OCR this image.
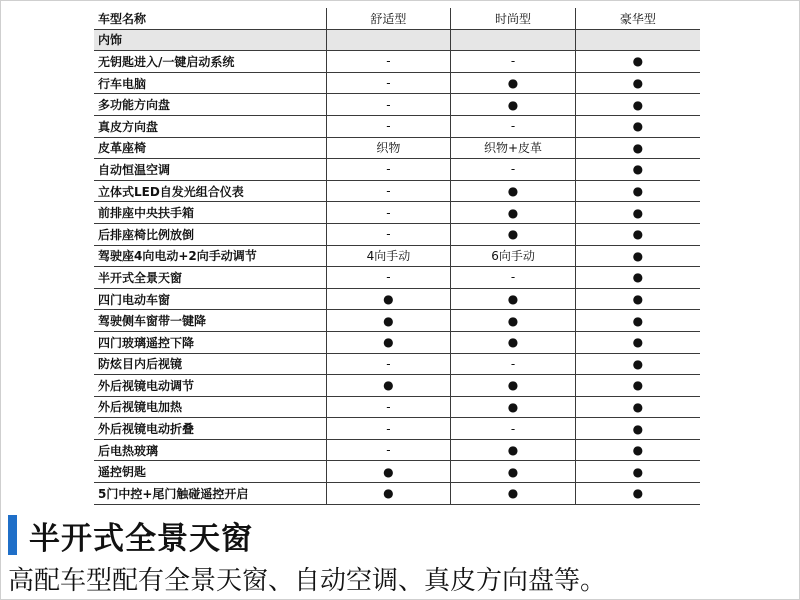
车型名称	舒适型	时尚型	豪华型
内饰			
无钥匙进入/一键启动系统	-	-	●
行车电脑	-	●	●
多功能方向盘	-	●	●
真皮方向盘	-	-	●
皮革座椅	织物	织物+皮革	●
自动恒温空调	-	-	●
立体式LED自发光组合仪表	-	●	●
前排座中央扶手箱	-	●	●
后排座椅比例放倒	-	●	●
驾驶座4向电动+2向手动调节	4向手动	6向手动	●
半开式全景天窗	-	-	●
四门电动车窗	●	●	●
驾驶侧车窗带一键降	●	●	●
四门玻璃遥控下降	●	●	●
防炫目内后视镜	-	-	●
外后视镜电动调节	●	●	●
外后视镜电加热	-	●	●
外后视镜电动折叠	-	-	●
后电热玻璃	-	●	●
遥控钥匙	●	●	●
5门中控+尾门触碰遥控开启	●	●	●
半开式全景天窗
高配车型配有全景天窗、自动空调、真皮方向盘等。
